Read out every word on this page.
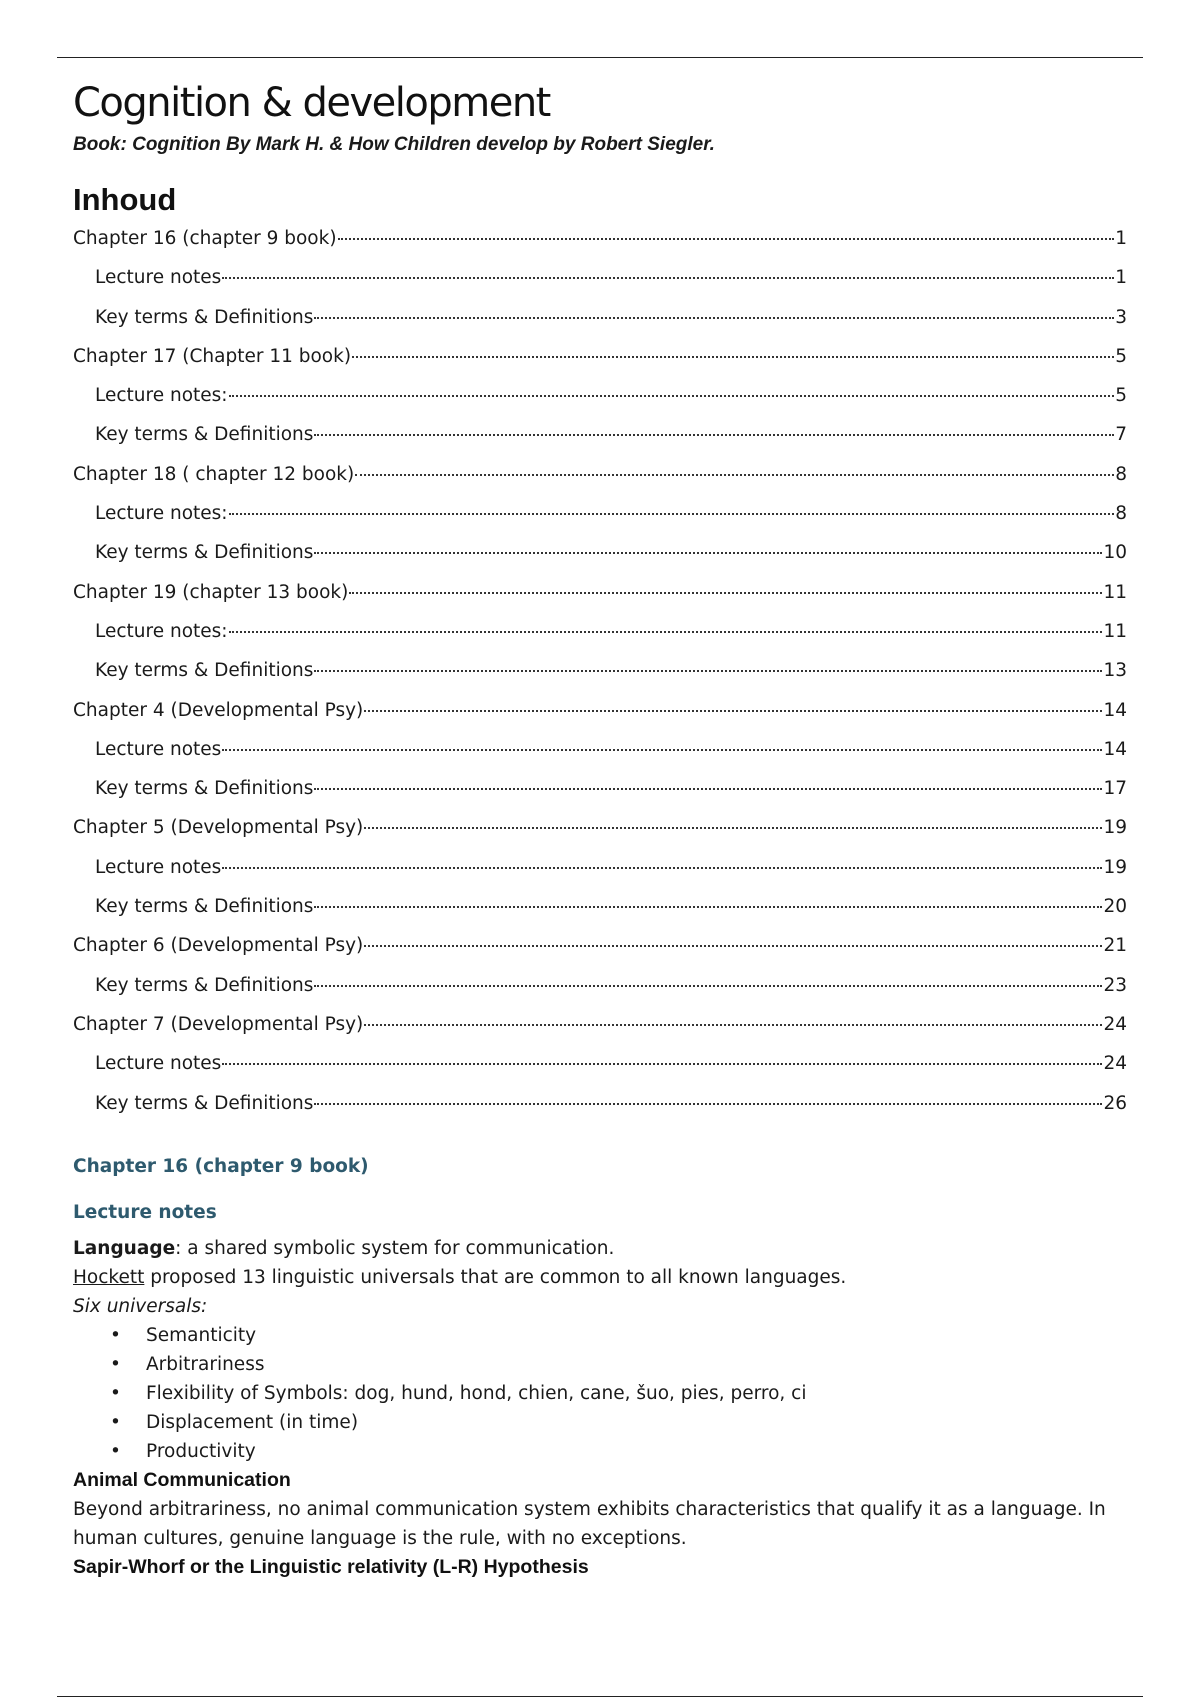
Cognition & development

Book: Cognition By Mark H. & How Children develop by Robert Siegler.

Inhoud
Chapter 16 (chapter 9 book)	1
Lecture notes	1
Key terms & Definitions	3
Chapter 17 (Chapter 11 book)	5
Lecture notes:	5
Key terms & Definitions	7
Chapter 18 ( chapter 12 book)	8
Lecture notes:	8
Key terms & Definitions	10
Chapter 19 (chapter 13 book)	11
Lecture notes:	11
Key terms & Definitions	13
Chapter 4 (Developmental Psy)	14
Lecture notes	14
Key terms & Definitions	17
Chapter 5 (Developmental Psy)	19
Lecture notes	19
Key terms & Definitions	20
Chapter 6 (Developmental Psy)	21
Key terms & Definitions	23
Chapter 7 (Developmental Psy)	24
Lecture notes	24
Key terms & Definitions	26
Chapter 16 (chapter 9 book)
Lecture notes

Language: a shared symbolic system for communication.

Hockett proposed 13 linguistic universals that are common to all known languages.

Six universals:

• Semanticity
• Arbitrariness
• Flexibility of Symbols: dog, hund, hond, chien, cane, šuo, pies, perro, ci
• Displacement (in time)
• Productivity

Animal Communication

Beyond arbitrariness, no animal communication system exhibits characteristics that qualify it as a language. In human cultures, genuine language is the rule, with no exceptions.

Sapir-Whorf or the Linguistic relativity (L-R) Hypothesis
